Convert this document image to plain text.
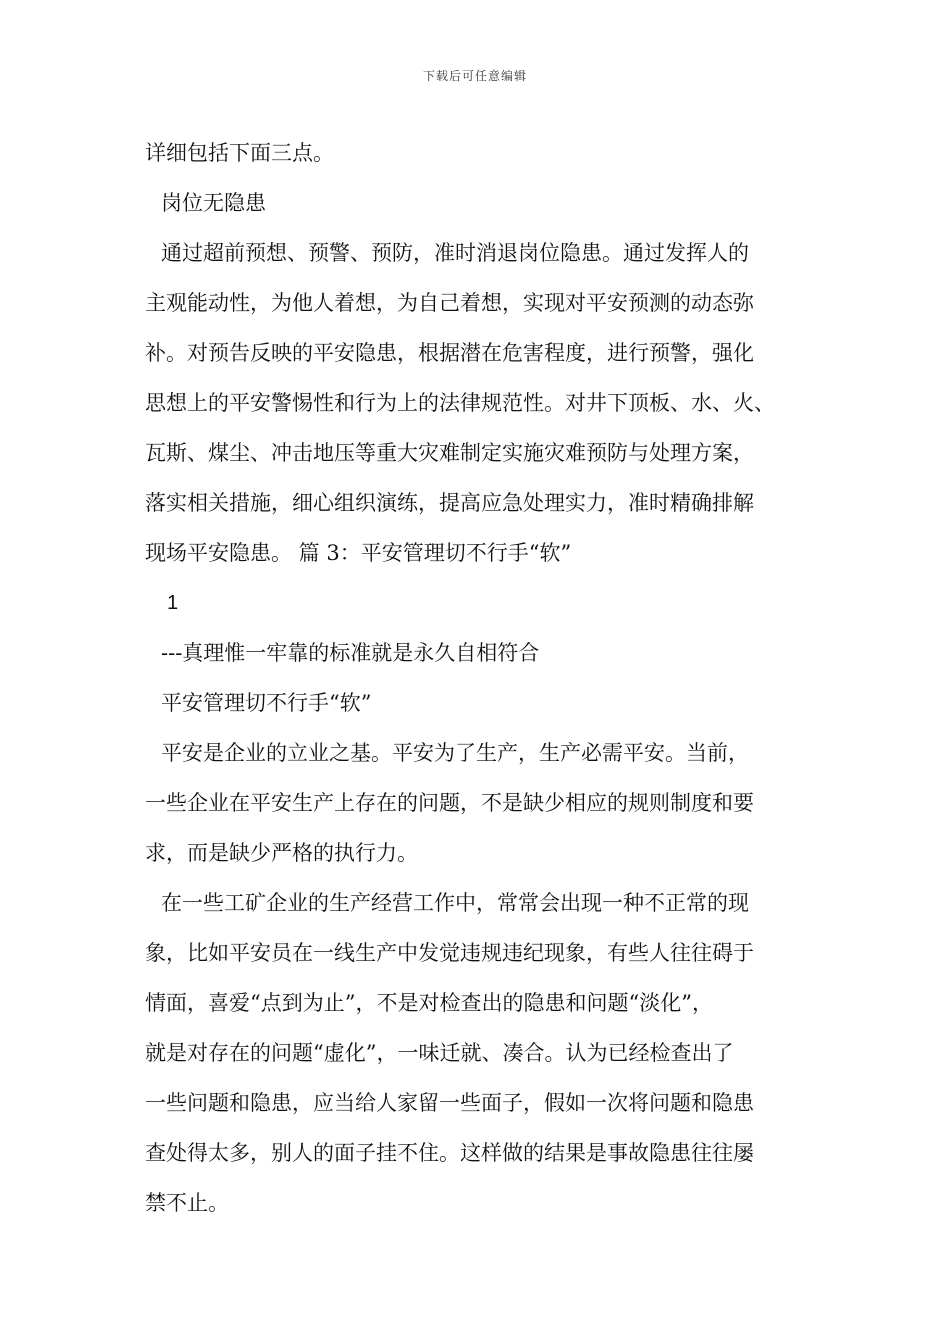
下载后可任意编辑
详细包括下面三点。
岗位无隐患
通过超前预想、预警、预防，准时消退岗位隐患。通过发挥人的
主观能动性，为他人着想，为自己着想，实现对平安预测的动态弥
补。对预告反映的平安隐患，根据潜在危害程度，进行预警，强化
思想上的平安警惕性和行为上的法律规范性。对井下顶板、水、火、
瓦斯、煤尘、冲击地压等重大灾难制定实施灾难预防与处理方案，
落实相关措施，细心组织演练，提高应急处理实力，准时精确排解
现场平安隐患。 篇 3：平安管理切不行手“软”
1
---真理惟一牢靠的标准就是永久自相符合
平安管理切不行手“软”
平安是企业的立业之基。平安为了生产，生产必需平安。当前，
一些企业在平安生产上存在的问题，不是缺少相应的规则制度和要
求，而是缺少严格的执行力。
在一些工矿企业的生产经营工作中，常常会出现一种不正常的现
象，比如平安员在一线生产中发觉违规违纪现象，有些人往往碍于
情面，喜爱“点到为止”，不是对检查出的隐患和问题“淡化”，
就是对存在的问题“虚化”，一味迁就、凑合。认为已经检查出了
一些问题和隐患，应当给人家留一些面子，假如一次将问题和隐患
查处得太多，别人的面子挂不住。这样做的结果是事故隐患往往屡
禁不止。
